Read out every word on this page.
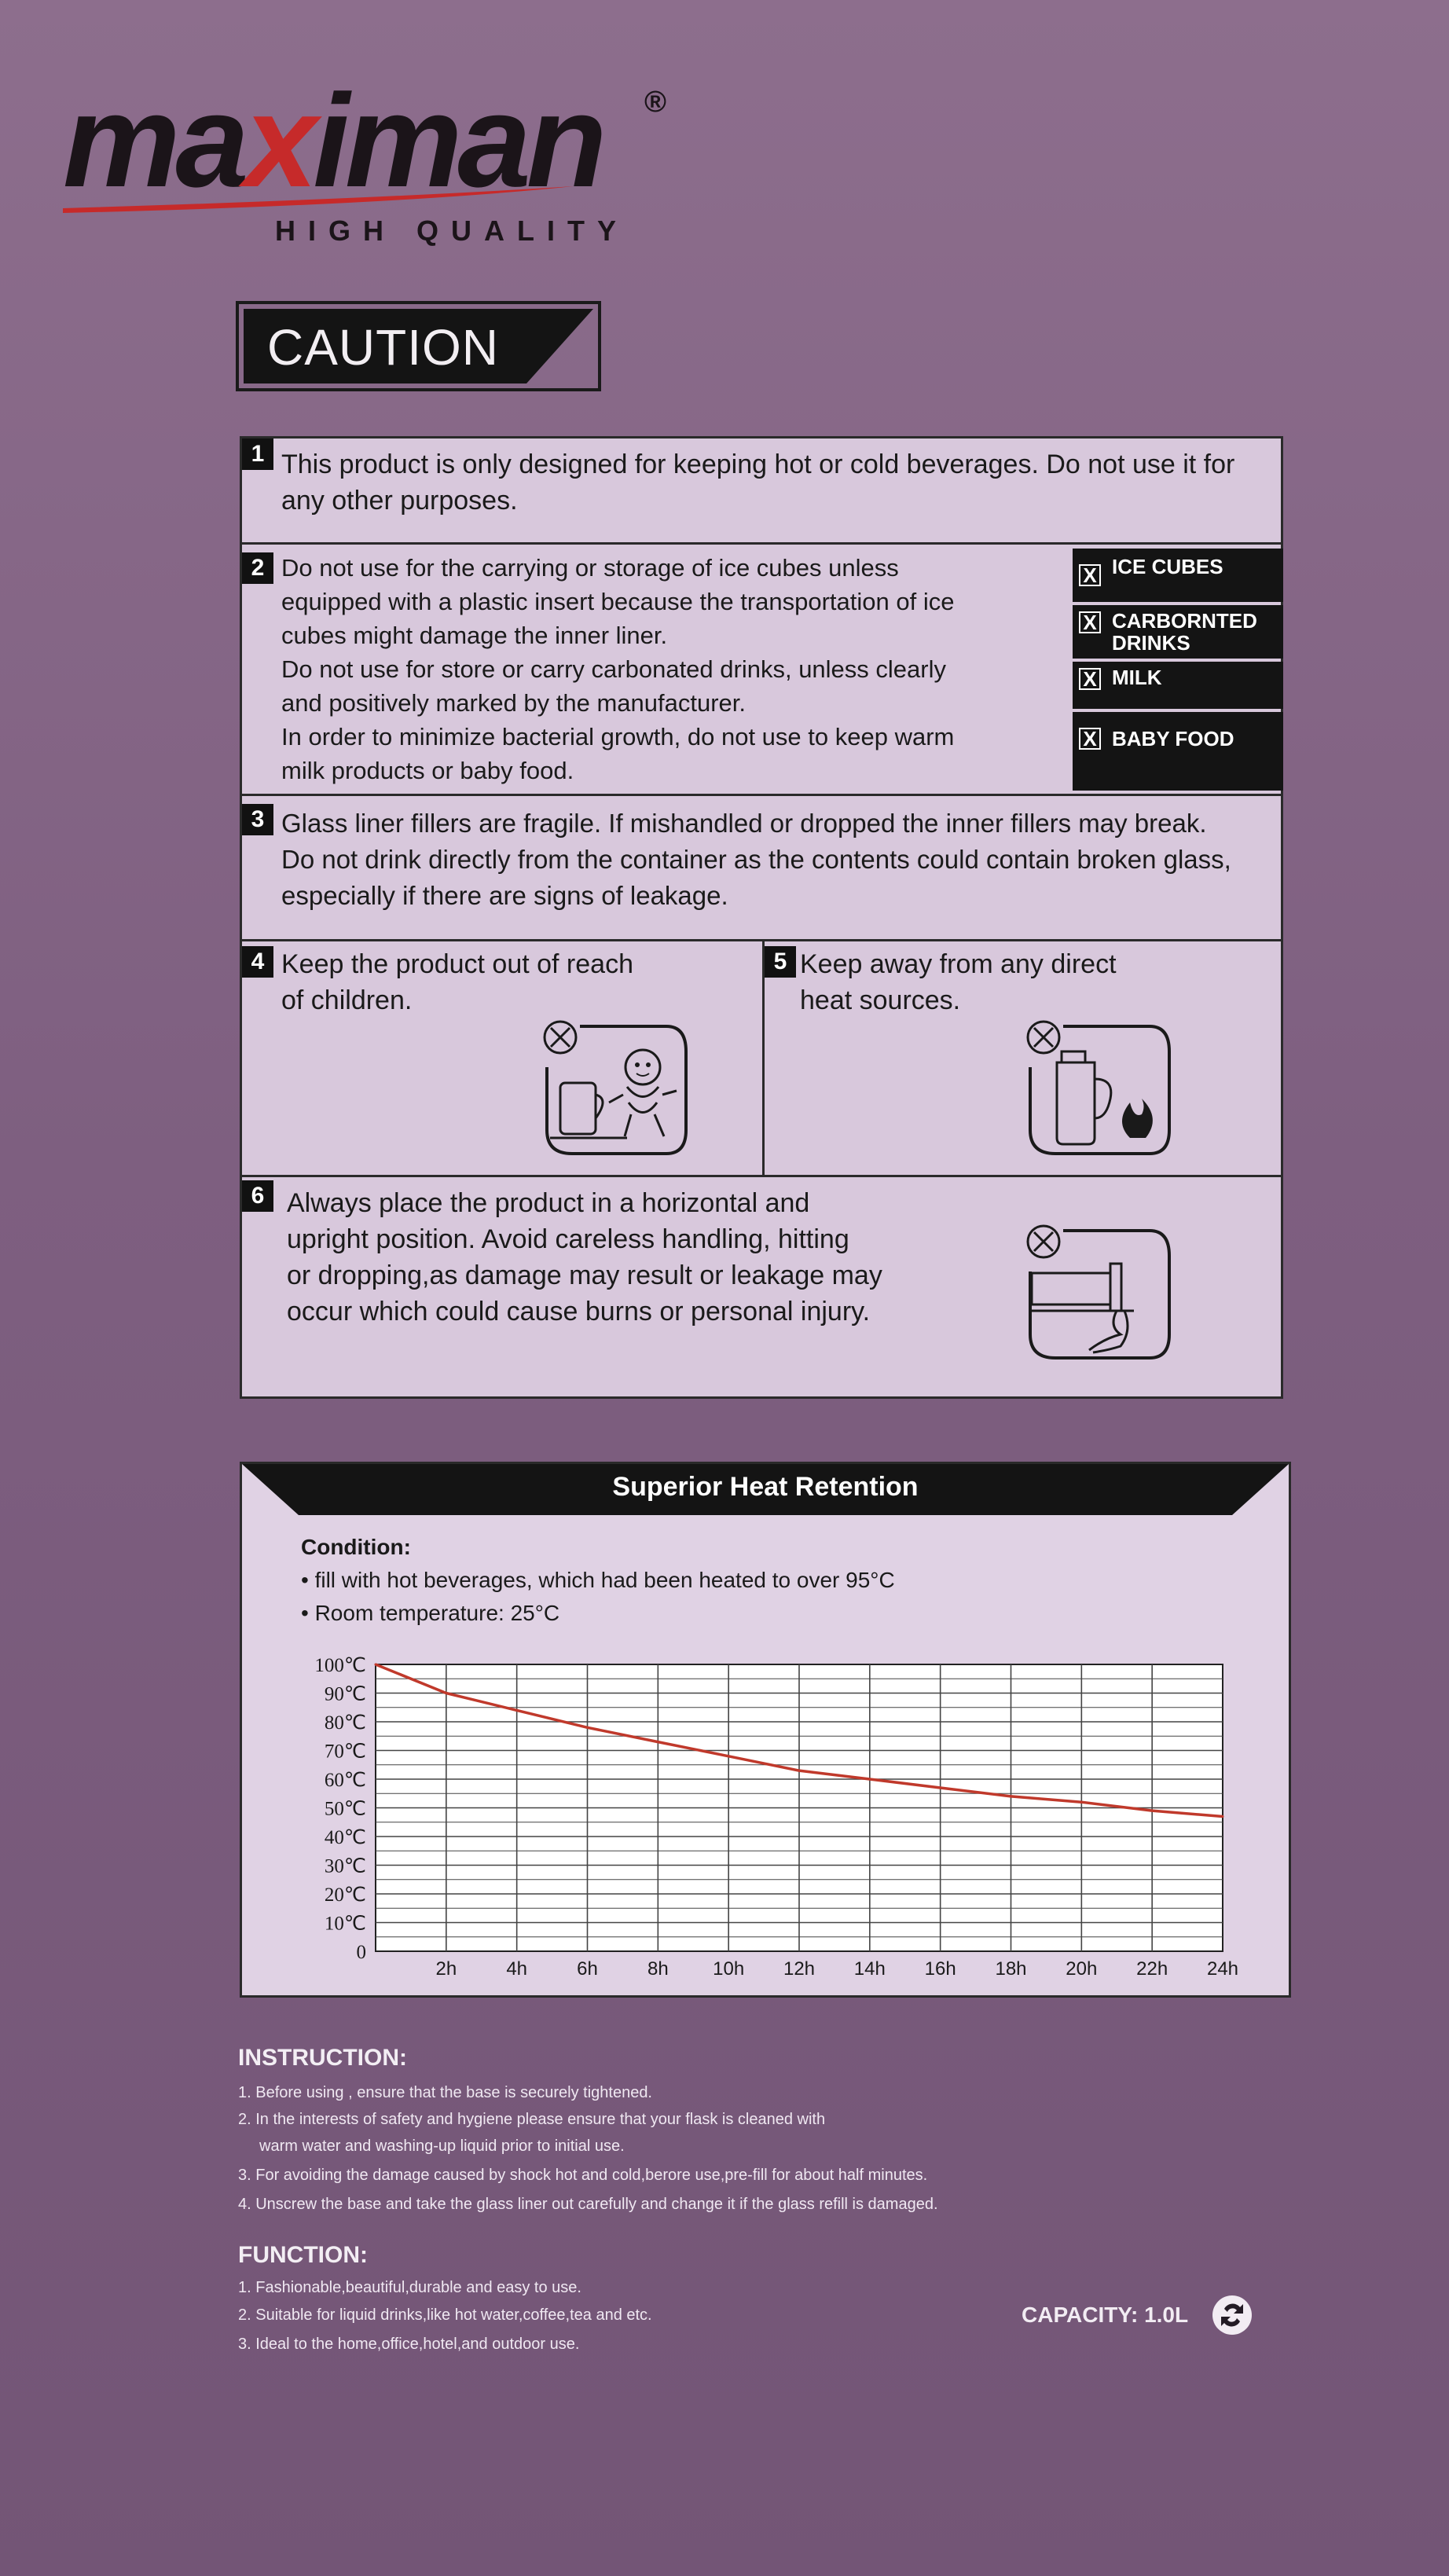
maximan ®
HIGH QUALITY
CAUTION
1 This product is only designed for keeping hot or cold beverages. Do not use it for any other purposes.
2 Do not use for the carrying or storage of ice cubes unless
equipped with a plastic insert because the transportation of ice
cubes might damage the inner liner.
Do not use for store or carry carbonated drinks, unless clearly
and positively marked by the manufacturer.
In order to minimize bacterial growth, do not use to keep warm
milk products or baby food.
X ICE CUBES
X CARBORNTED
DRINKS
X MILK
X BABY FOOD
3 Glass liner fillers are fragile. If mishandled or dropped the inner fillers may break.
Do not drink directly from the container as the contents could contain broken glass,
especially if there are signs of leakage.
4 Keep the product out of reach
of children.
5 Keep away from any direct
heat sources.
6 Always place the product in a horizontal and
upright position. Avoid careless handling, hitting
or dropping,as damage may result or leakage may
occur which could cause burns or personal injury.
Superior Heat Retention
Condition:
• fill with hot beverages, which had been heated to over 95°C
• Room temperature: 25°C
100℃
90℃
80℃
70℃
60℃
50℃
40℃
30℃
20℃
10℃
0
2h	4h	6h	8h 10h 12h 14h 16h 18h 20h 22h 24h
INSTRUCTION:
1. Before using , ensure that the base is securely tightened.
2. In the interests of safety and hygiene please ensure that your flask is cleaned with
warm water and washing-up liquid prior to initial use.
3. For avoiding the damage caused by shock hot and cold,berore use,pre-fill for about half minutes.
4. Unscrew the base and take the glass liner out carefully and change it if the glass refill is damaged.
FUNCTION:
1. Fashionable,beautiful,durable and easy to use.
2. Suitable for liquid drinks,like hot water,coffee,tea and etc.
3. Ideal to the home,office,hotel,and outdoor use.
CAPACITY: 1.0L
